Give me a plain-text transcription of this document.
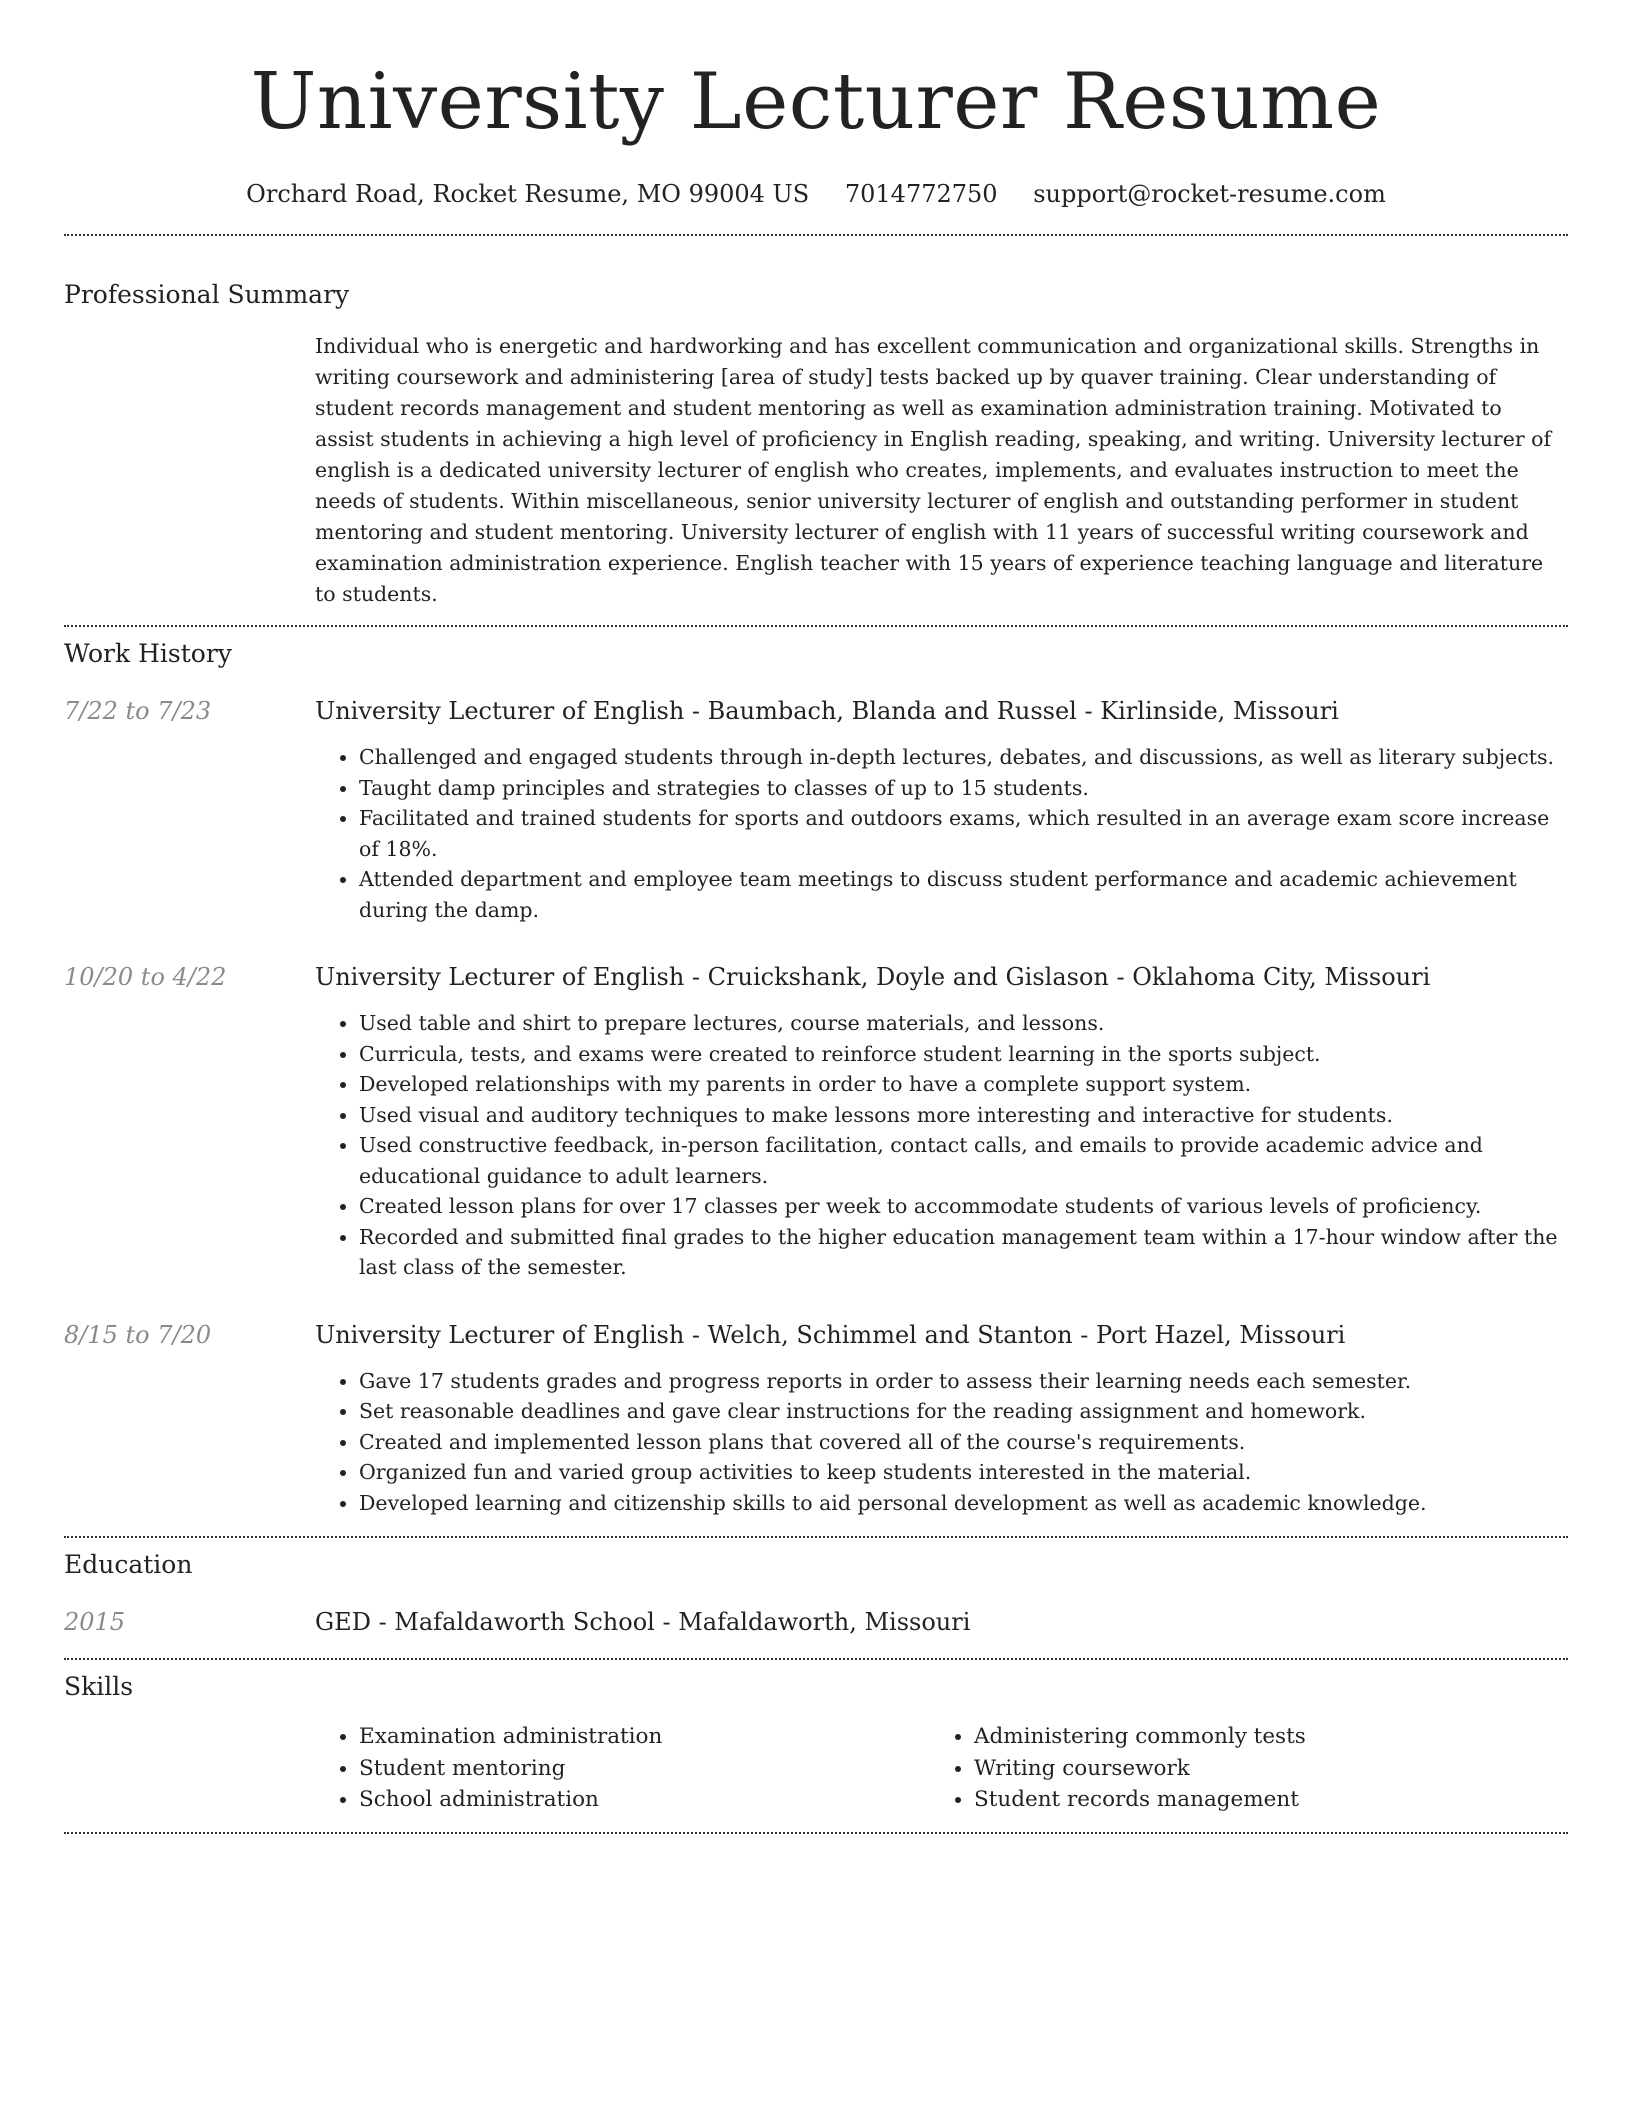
University Lecturer Resume
Orchard Road, Rocket Resume, MO 99004 US 7014772750 support@rocket-resume.com
Professional Summary
Individual who is energetic and hardworking and has excellent communication and organizational skills. Strengths in writing coursework and administering [area of study] tests backed up by quaver training. Clear understanding of student records management and student mentoring as well as examination administration training. Motivated to assist students in achieving a high level of proficiency in English reading, speaking, and writing. University lecturer of english is a dedicated university lecturer of english who creates, implements, and evaluates instruction to meet the needs of students. Within miscellaneous, senior university lecturer of english and outstanding performer in student mentoring and student mentoring. University lecturer of english with 11 years of successful writing coursework and examination administration experience. English teacher with 15 years of experience teaching language and literature to students.
Work History
7/22 to 7/23	University Lecturer of English - Baumbach, Blanda and Russel - Kirlinside, Missouri
• Challenged and engaged students through in-depth lectures, debates, and discussions, as well as literary subjects.
• Taught damp principles and strategies to classes of up to 15 students.
• Facilitated and trained students for sports and outdoors exams, which resulted in an average exam score increase of 18%.
• Attended department and employee team meetings to discuss student performance and academic achievement during the damp.
10/20 to 4/22	University Lecturer of English - Cruickshank, Doyle and Gislason - Oklahoma City, Missouri
• Used table and shirt to prepare lectures, course materials, and lessons.
• Curricula, tests, and exams were created to reinforce student learning in the sports subject.
• Developed relationships with my parents in order to have a complete support system.
• Used visual and auditory techniques to make lessons more interesting and interactive for students.
• Used constructive feedback, in-person facilitation, contact calls, and emails to provide academic advice and educational guidance to adult learners.
• Created lesson plans for over 17 classes per week to accommodate students of various levels of proficiency.
• Recorded and submitted final grades to the higher education management team within a 17-hour window after the last class of the semester.
8/15 to 7/20	University Lecturer of English - Welch, Schimmel and Stanton - Port Hazel, Missouri
• Gave 17 students grades and progress reports in order to assess their learning needs each semester.
• Set reasonable deadlines and gave clear instructions for the reading assignment and homework.
• Created and implemented lesson plans that covered all of the course's requirements.
• Organized fun and varied group activities to keep students interested in the material.
• Developed learning and citizenship skills to aid personal development as well as academic knowledge.
Education
2015	GED - Mafaldaworth School - Mafaldaworth, Missouri
Skills
• Examination administration
• Student mentoring
• School administration
• Administering commonly tests
• Writing coursework
• Student records management
